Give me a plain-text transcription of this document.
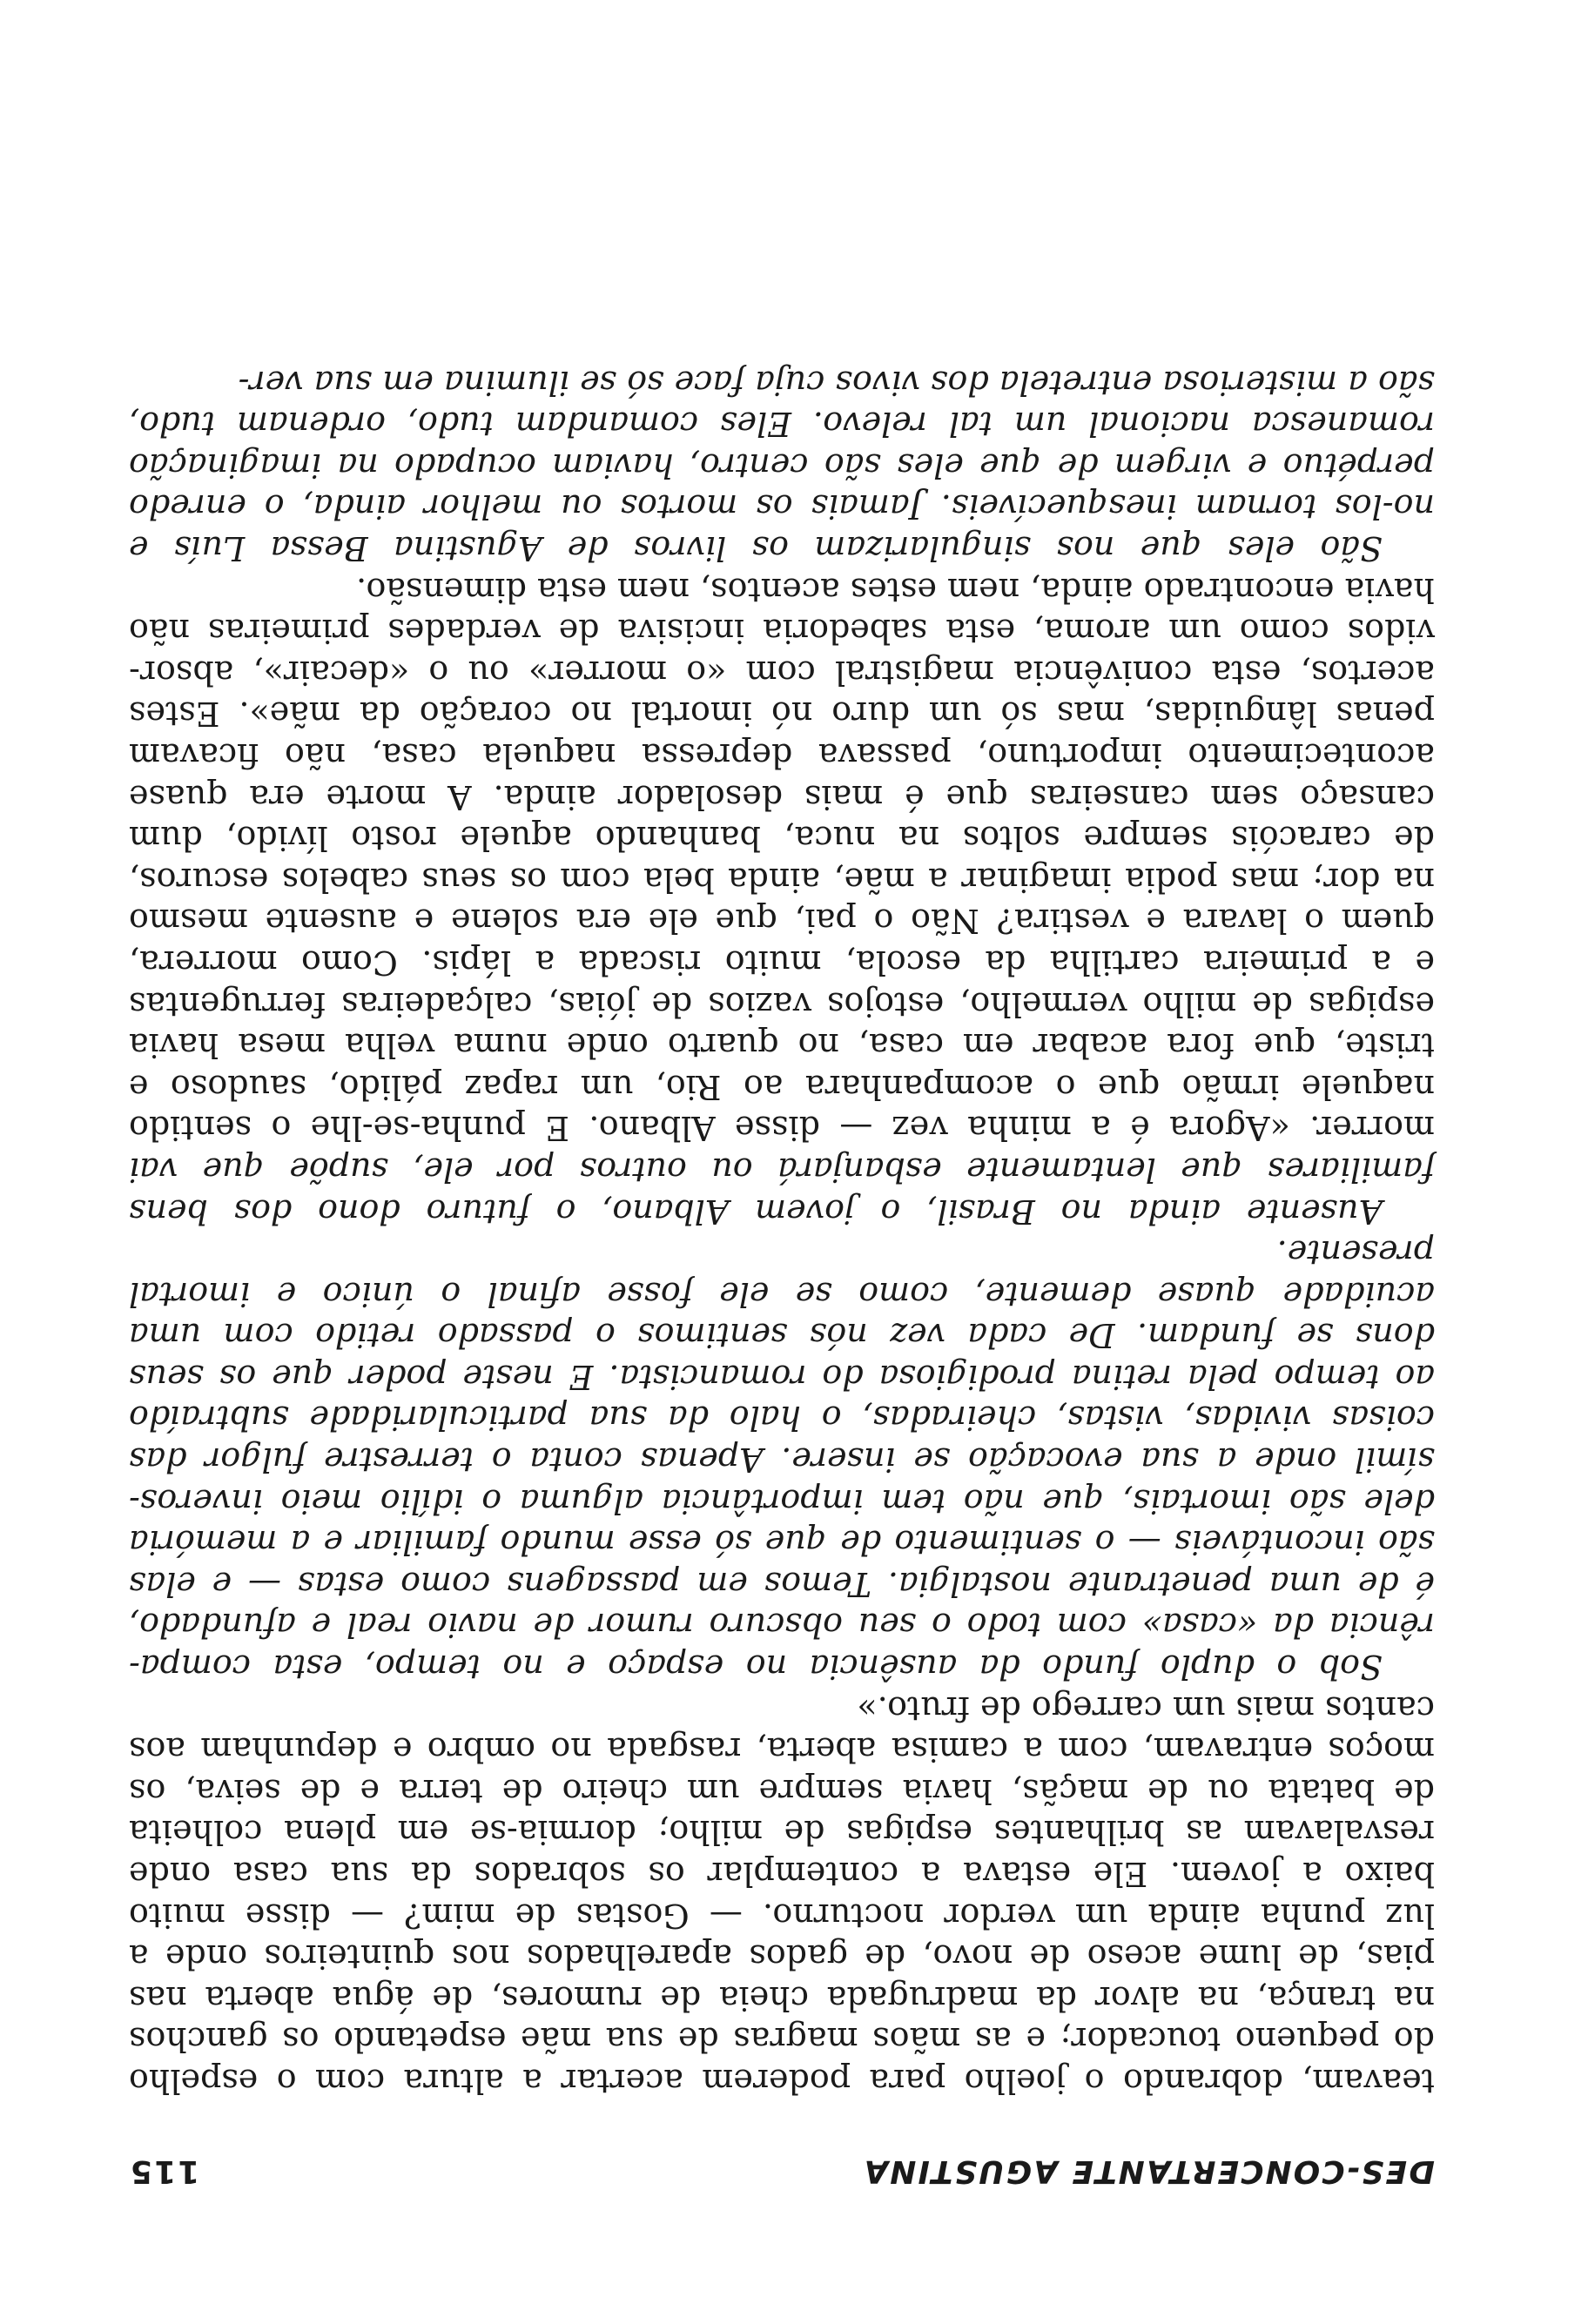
DES-CONCERTANTE AGUSTINA
115

teavam, dobrando o joelho para poderem acertar a altura com o espelho
do pequeno toucador; e as mãos magras de sua mãe espetando os ganchos
na trança, na alvor da madrugada cheia de rumores, de água aberta nas
pias, de lume aceso de novo, de gados aparelhados nos quinteiros onde a
luz punha ainda um verdor nocturno. — Gostas de mim? — disse muito
baixo a jovem. Ele estava a contemplar os sobrados da sua casa onde
resvalavam as brilhantes espigas de milho; dormia-se em plena colheita
de batata ou de maçãs, havia sempre um cheiro de terra e de seiva, os
moços entravam, com a camisa aberta, rasgada no ombro e depunham aos
cantos mais um carrego de fruto.»

Sob o duplo fundo da ausência no espaço e no tempo, esta compa-
rência da «casa» com todo o seu obscuro rumor de navio real e afundado,
é de uma penetrante nostalgia. Temos em passagens como estas — e elas
são incontáveis — o sentimento de que só esse mundo familiar e a memória
dele são imortais, que não tem importância alguma o idílio meio inveros-
símil onde a sua evocação se insere. Apenas conta o terrestre fulgor das
coisas vividas, vistas, cheiradas, o halo da sua particularidade subtraído
ao tempo pela retina prodigiosa do romancista. E neste poder que os seus
dons se fundam. De cada vez nós sentimos o passado retido com uma
acuidade quase demente, como se ele fosse afinal o único e imortal
presente.

Ausente ainda no Brasil, o jovem Albano, o futuro dono dos bens
familiares que lentamente esbanjará ou outros por ele, supõe que vai
morrer. «Agora é a minha vez — disse Albano. E punha-se-lhe o sentido
naquele irmão que o acompanhara ao Rio, um rapaz pálido, saudoso e
triste, que fora acabar em casa, no quarto onde numa velha mesa havia
espigas de milho vermelho, estojos vazios de jóias, calçadeiras ferrugentas
e a primeira cartilha da escola, muito riscada a lápis. Como morrera,
quem o lavara e vestira? Não o pai, que ele era solene e ausente mesmo
na dor; mas podia imaginar a mãe, ainda bela com os seus cabelos escuros,
de caracóis sempre soltos na nuca, banhando aquele rosto lívido, dum
cansaço sem canseiras que é mais desolador ainda. A morte era quase
acontecimento importuno, passava depressa naquela casa, não ficavam
penas lânguidas, mas só um duro nó imortal no coração da mãe». Estes
acertos, esta conivência magistral com «o morrer» ou o «decair», absor-
vidos como um aroma, esta sabedoria incisiva de verdades primeiras não
havia encontrado ainda, nem estes acentos, nem esta dimensão.

São eles que nos singularizam os livros de Agustina Bessa Luís e
no-los tornam inesquecíveis. Jamais os mortos ou melhor ainda, o enredo
perpétuo e virgem de que eles são centro, haviam ocupado na imaginação
romanesca nacional um tal relevo. Eles comandam tudo, ordenam tudo,
são a misteriosa entretela dos vivos cuja face só se ilumina em sua ver-
